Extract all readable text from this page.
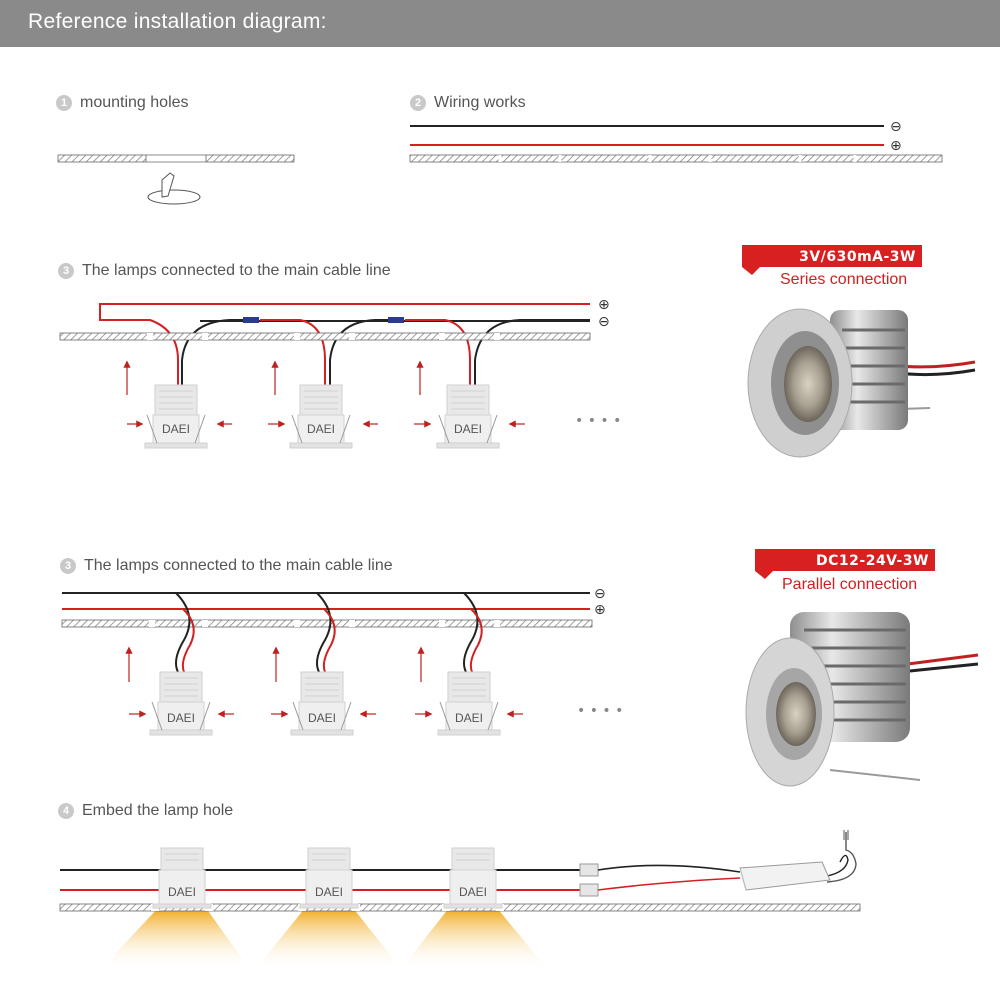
Reference installation diagram:
1 mounting holes	2 Wiring works
3 The lamps connected to the main cable line
3 The lamps connected to the main cable line
4 Embed the lamp hole
⊖
⊕
⊕
⊖
DAEI	DAEI	DAEI	• • • •
⊖
⊕
DAEI	DAEI	DAEI	• • • •
DAEI	DAEI	DAEI
3V/630mA-3W
Series connection
DC12-24V-3W
Parallel connection
